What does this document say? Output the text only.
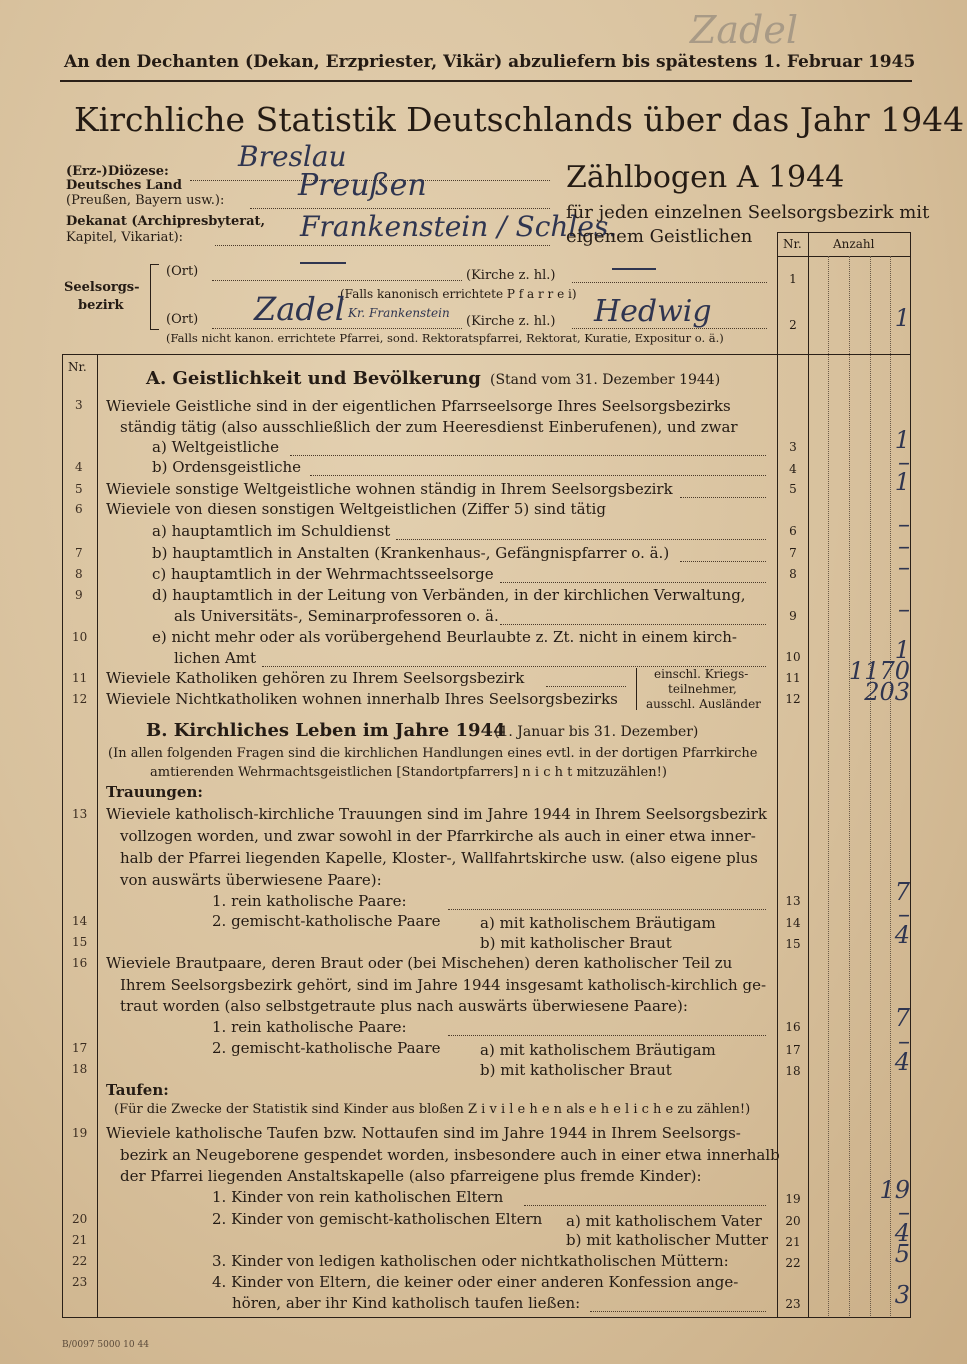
Zadel
An den Dechanten (Dekan, Erzpriester, Vikär) abzuliefern bis spätestens 1. Februar 1945
Kirchliche Statistik Deutschlands über das Jahr 1944
(Erz-)Diözese: Breslau
Deutsches Land
(Preußen, Bayern usw.): Preußen
Dekanat (Archipresbyterat,
Kapitel, Vikariat):	Frankenstein / Schles.
Zählbogen A 1944
für jeden einzelnen Seelsorgsbezirk mit
eigenem Geistlichen	Nr.	Anzahl
Seelsorgs-
bezirk
(Ort)	(Kirche z. hl.)
(Falls kanonisch errichtete P f a r r e i)
(Ort) Zadel Kr. Frankenstein
(Kirche z. hl.) Hedwig
(Falls nicht kanon. errichtete Pfarrei, sond. Rektoratspfarrei, Rektorat, Kuratie, Expositur o. ä.)
1
2	1
Nr.
A. Geistlichkeit und Bevölkerung (Stand vom 31. Dezember 1944)
3 Wieviele Geistliche sind in der eigentlichen Pfarrseelsorge Ihres Seelsorgsbezirks
ständig tätig (also ausschließlich der zum Heeresdienst Einberufenen), und zwar
a) Weltgeistliche	3	1
4	b) Ordensgeistliche	4	–
5 Wieviele sonstige Weltgeistliche wohnen ständig in Ihrem Seelsorgsbezirk	5	1
6 Wieviele von diesen sonstigen Weltgeistlichen (Ziffer 5) sind tätig
a) hauptamtlich im Schuldienst	6	–
7	b) hauptamtlich in Anstalten (Krankenhaus-, Gefängnispfarrer o. ä.)	7	–
8	c) hauptamtlich in der Wehrmachtsseelsorge	8	–
9	d) hauptamtlich in der Leitung von Verbänden, in der kirchlichen Verwaltung,
als Universitäts-, Seminarprofessoren o. ä.	9	–
10	e) nicht mehr oder als vorübergehend Beurlaubte z. Zt. nicht in einem kirch-
lichen Amt	10	1
11 Wieviele Katholiken gehören zu Ihrem Seelsorgsbezirk	11	1170
12 Wieviele Nichtkatholiken wohnen innerhalb Ihres Seelsorgsbezirks
einschl. Kriegs-
teilnehmer,
ausschl. Ausländer	12	203
B. Kirchliches Leben im Jahre 1944
(1. Januar bis 31. Dezember)
(In allen folgenden Fragen sind die kirchlichen Handlungen eines evtl. in der dortigen Pfarrkirche
amtierenden Wehrmachtsgeistlichen [Standortpfarrers] n i c h t mitzuzählen!)
Trauungen:
13 Wieviele katholisch-kirchliche Trauungen sind im Jahre 1944 in Ihrem Seelsorgsbezirk
vollzogen worden, und zwar sowohl in der Pfarrkirche als auch in einer etwa inner-
halb der Pfarrei liegenden Kapelle, Kloster-, Wallfahrtskirche usw. (also eigene plus
von auswärts überwiesene Paare):
1. rein katholische Paare:	13	7
14	2. gemischt-katholische Paare	a) mit katholischem Bräutigam	14	–
15	b) mit katholischer Braut	15	4
16 Wieviele Brautpaare, deren Braut oder (bei Mischehen) deren katholischer Teil zu
Ihrem Seelsorgsbezirk gehört, sind im Jahre 1944 insgesamt katholisch-kirchlich ge-
traut worden (also selbstgetraute plus nach auswärts überwiesene Paare):
1. rein katholische Paare:	16	7
17	2. gemischt-katholische Paare	a) mit katholischem Bräutigam	17	–
18	b) mit katholischer Braut	18	4
Taufen:
(Für die Zwecke der Statistik sind Kinder aus bloßen Z i v i l e h e n als e h e l i c h e zu zählen!)
19 Wieviele katholische Taufen bzw. Nottaufen sind im Jahre 1944 in Ihrem Seelsorgs-
bezirk an Neugeborene gespendet worden, insbesondere auch in einer etwa innerhalb
der Pfarrei liegenden Anstaltskapelle (also pfarreigene plus fremde Kinder):
1. Kinder von rein katholischen Eltern	19	19
20	2. Kinder von gemischt-katholischen Eltern a) mit katholischem Vater	20	–
21	b) mit katholischer Mutter	21	4
22	3. Kinder von ledigen katholischen oder nichtkatholischen Müttern:	22	5
23	4. Kinder von Eltern, die keiner oder einer anderen Konfession ange-
hören, aber ihr Kind katholisch taufen ließen:	23	3
B/0097 5000 10 44
